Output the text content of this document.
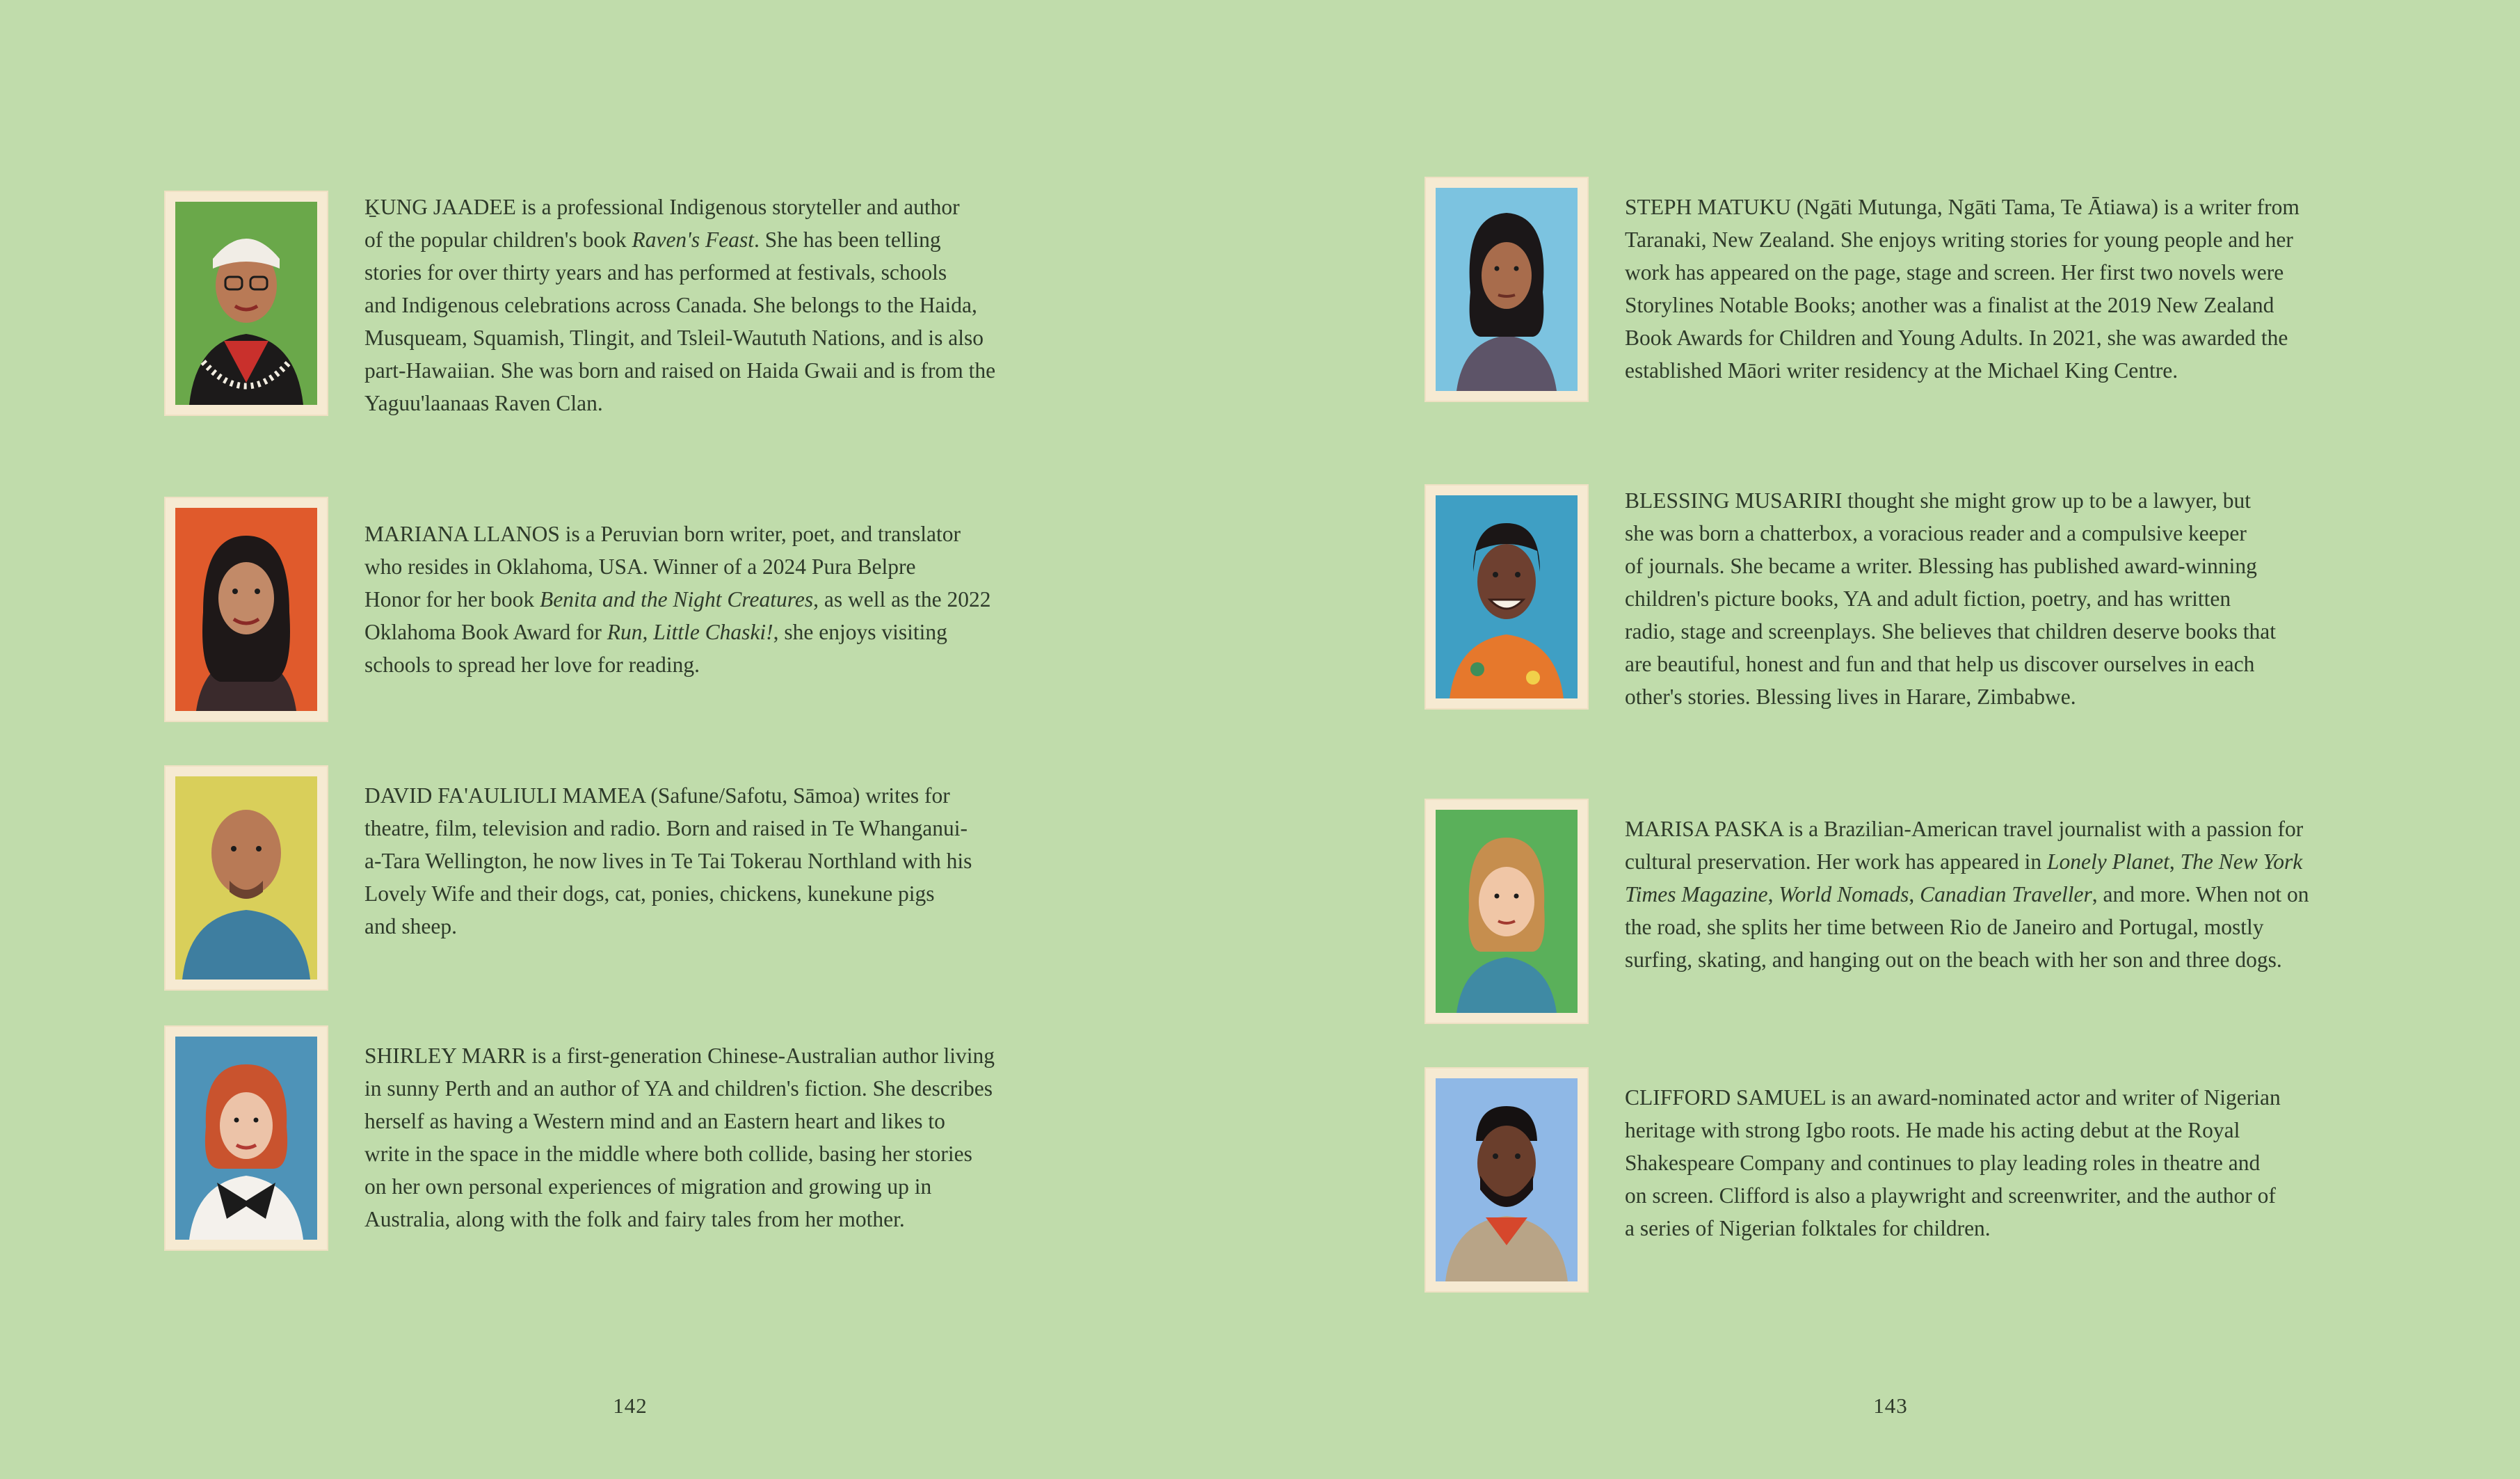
ḴUNG JAADEE is a professional Indigenous storyteller and author
of the popular children's book Raven's Feast. She has been telling
stories for over thirty years and has performed at festivals, schools
and Indigenous celebrations across Canada. She belongs to the Haida,
Musqueam, Squamish, Tlingit, and Tsleil-Waututh Nations, and is also
part-Hawaiian. She was born and raised on Haida Gwaii and is from the
Yaguu'laanaas Raven Clan.

MARIANA LLANOS is a Peruvian born writer, poet, and translator
who resides in Oklahoma, USA. Winner of a 2024 Pura Belpre
Honor for her book Benita and the Night Creatures, as well as the 2022
Oklahoma Book Award for Run, Little Chaski!, she enjoys visiting
schools to spread her love for reading.

DAVID FA'AULIULI MAMEA (Safune/Safotu, Sāmoa) writes for
theatre, film, television and radio. Born and raised in Te Whanganui-
a-Tara Wellington, he now lives in Te Tai Tokerau Northland with his
Lovely Wife and their dogs, cat, ponies, chickens, kunekune pigs
and sheep.

SHIRLEY MARR is a first-generation Chinese-Australian author living
in sunny Perth and an author of YA and children's fiction. She describes
herself as having a Western mind and an Eastern heart and likes to
write in the space in the middle where both collide, basing her stories
on her own personal experiences of migration and growing up in
Australia, along with the folk and fairy tales from her mother.

142

STEPH MATUKU (Ngāti Mutunga, Ngāti Tama, Te Ātiawa) is a writer from
Taranaki, New Zealand. She enjoys writing stories for young people and her
work has appeared on the page, stage and screen. Her first two novels were
Storylines Notable Books; another was a finalist at the 2019 New Zealand
Book Awards for Children and Young Adults. In 2021, she was awarded the
established Māori writer residency at the Michael King Centre.

BLESSING MUSARIRI thought she might grow up to be a lawyer, but
she was born a chatterbox, a voracious reader and a compulsive keeper
of journals. She became a writer. Blessing has published award-winning
children's picture books, YA and adult fiction, poetry, and has written
radio, stage and screenplays. She believes that children deserve books that
are beautiful, honest and fun and that help us discover ourselves in each
other's stories. Blessing lives in Harare, Zimbabwe.

MARISA PASKA is a Brazilian-American travel journalist with a passion for
cultural preservation. Her work has appeared in Lonely Planet, The New York
Times Magazine, World Nomads, Canadian Traveller, and more. When not on
the road, she splits her time between Rio de Janeiro and Portugal, mostly
surfing, skating, and hanging out on the beach with her son and three dogs.

CLIFFORD SAMUEL is an award-nominated actor and writer of Nigerian
heritage with strong Igbo roots. He made his acting debut at the Royal
Shakespeare Company and continues to play leading roles in theatre and
on screen. Clifford is also a playwright and screenwriter, and the author of
a series of Nigerian folktales for children.

143
